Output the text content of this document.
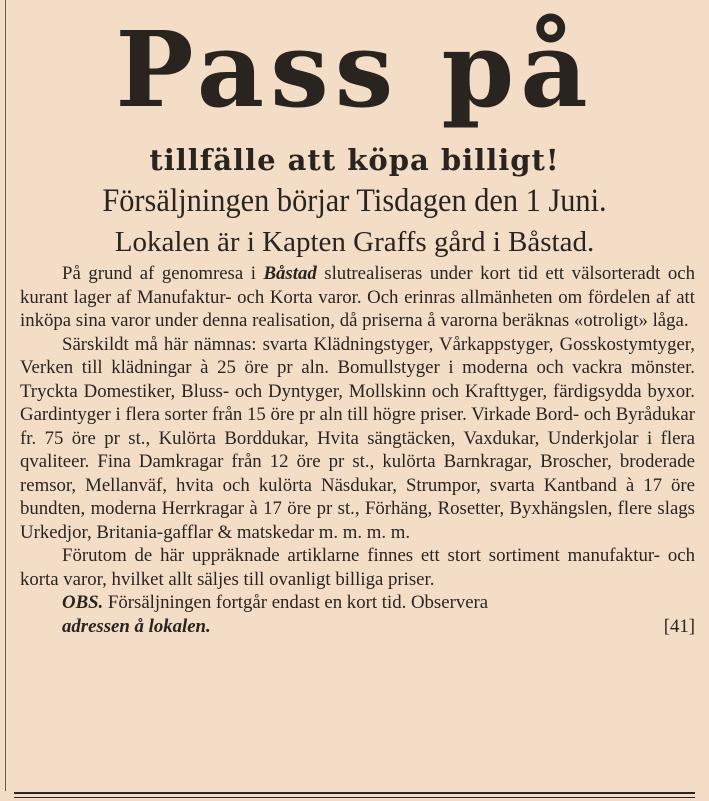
Pass på
tillfälle att köpa billigt!
Försäljningen börjar Tisdagen den 1 Juni.
Lokalen är i Kapten Graffs gård i Båstad.

På grund af genomresa i Båstad slutrealiseras under kort tid ett välsorteradt och kurant lager af Manufaktur- och Korta varor. Och erinras allmänheten om fördelen af att inköpa sina varor under denna realisation, då priserna å varorna beräknas «otroligt» låga.

Särskildt må här nämnas: svarta Klädningstyger, Vårkappstyger, Gosskostymtyger, Verken till klädningar à 25 öre pr aln. Bomullstyger i moderna och vackra mönster. Tryckta Domestiker, Bluss- och Dyntyger, Mollskinn och Krafttyger, färdigsydda byxor. Gardintyger i flera sorter från 15 öre pr aln till högre priser. Virkade Bord- och Byrådukar fr. 75 öre pr st., Kulörta Borddukar, Hvita sängtäcken, Vaxdukar, Underkjolar i flera qvaliteer. Fina Damkragar från 12 öre pr st., kulörta Barnkragar, Broscher, broderade remsor, Mellanväf, hvita och kulörta Näsdukar, Strumpor, svarta Kantband à 17 öre bundten, moderna Herrkragar à 17 öre pr st., Förhäng, Rosetter, Byxhängslen, flere slags Urkedjor, Britania-gafflar & matskedar m. m. m. m.

Förutom de här uppräknade artiklarne finnes ett stort sortiment manufaktur- och korta varor, hvilket allt säljes till ovanligt billiga priser.

OBS. Försäljningen fortgår endast en kort tid. Observera

adressen å lokalen.	[41]
